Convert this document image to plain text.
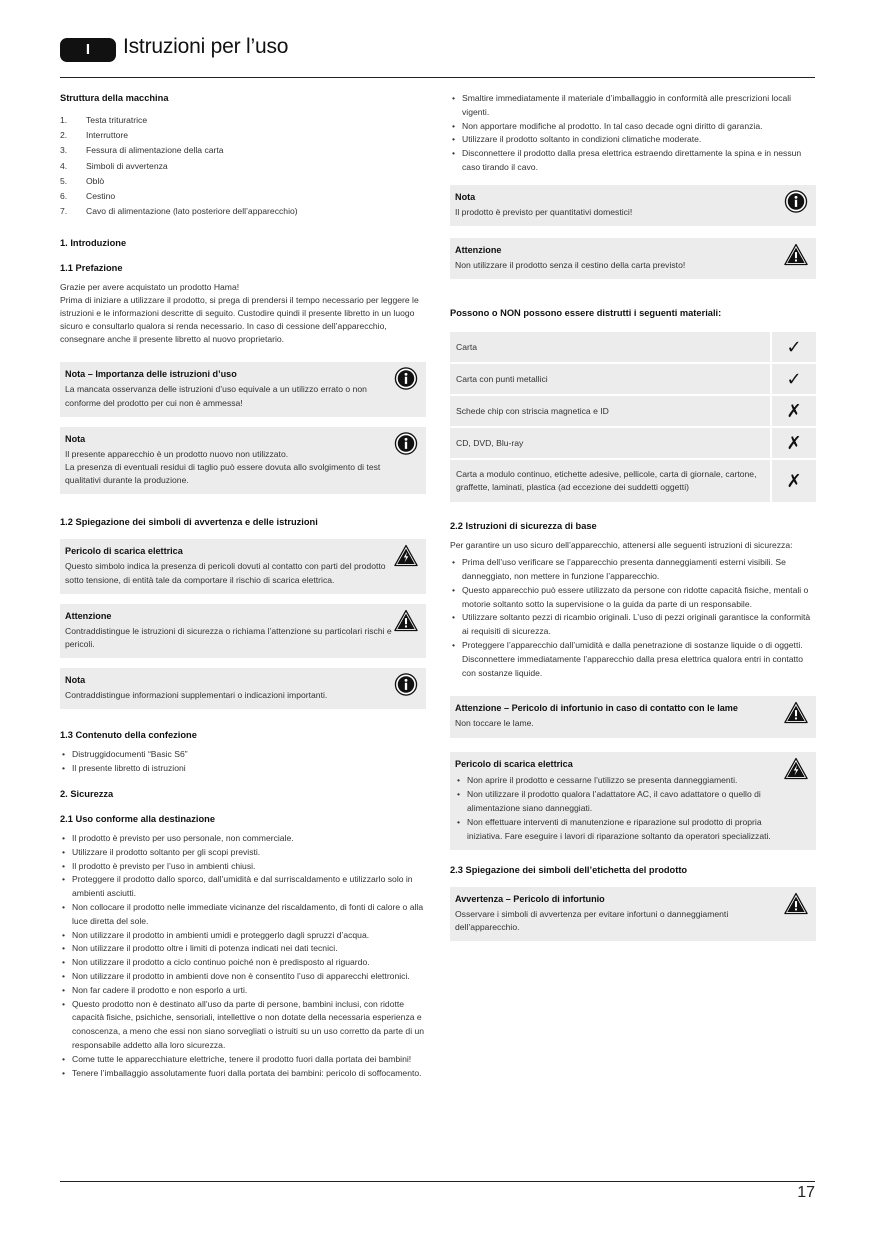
I	Istruzioni per l’uso
Struttura della macchina
1. Testa trituratrice
2. Interruttore
3. Fessura di alimentazione della carta
4. Simboli di avvertenza
5. Oblò
6. Cestino
7. Cavo di alimentazione (lato posteriore dell’apparecchio)
1. Introduzione
1.1 Prefazione
Grazie per avere acquistato un prodotto Hama!
Prima di iniziare a utilizzare il prodotto, si prega di prendersi il tempo necessario per leggere le istruzioni e le informazioni descritte di seguito. Custodire quindi il presente libretto in un luogo sicuro e consultarlo qualora si renda necessario. In caso di cessione dell’apparecchio, consegnare anche il presente libretto al nuovo proprietario.
Nota – Importanza delle istruzioni d’uso
La mancata osservanza delle istruzioni d’uso equivale a un utilizzo errato o non conforme del prodotto per cui non è ammessa!
Nota
Il presente apparecchio è un prodotto nuovo non utilizzato.
La presenza di eventuali residui di taglio può essere dovuta allo svolgimento di test qualitativi durante la produzione.
1.2 Spiegazione dei simboli di avvertenza e delle istruzioni
Pericolo di scarica elettrica
Questo simbolo indica la presenza di pericoli dovuti al contatto con parti del prodotto sotto tensione, di entità tale da comportare il rischio di scarica elettrica.
Attenzione
Contraddistingue le istruzioni di sicurezza o richiama l’attenzione su particolari rischi e pericoli.
Nota
Contraddistingue informazioni supplementari o indicazioni importanti.
1.3 Contenuto della confezione
• Distruggidocumenti “Basic S6”
• Il presente libretto di istruzioni
2. Sicurezza
2.1 Uso conforme alla destinazione
• Il prodotto è previsto per uso personale, non commerciale.
• Utilizzare il prodotto soltanto per gli scopi previsti.
• Il prodotto è previsto per l’uso in ambienti chiusi.
• Proteggere il prodotto dallo sporco, dall’umidità e dal surriscaldamento e utilizzarlo solo in ambienti asciutti.
• Non collocare il prodotto nelle immediate vicinanze del riscaldamento, di fonti di calore o alla luce diretta del sole.
• Non utilizzare il prodotto in ambienti umidi e proteggerlo dagli spruzzi d’acqua.
• Non utilizzare il prodotto oltre i limiti di potenza indicati nei dati tecnici.
• Non utilizzare il prodotto a ciclo continuo poiché non è predisposto al riguardo.
• Non utilizzare il prodotto in ambienti dove non è consentito l’uso di apparecchi elettronici.
• Non far cadere il prodotto e non esporlo a urti.
• Questo prodotto non è destinato all’uso da parte di persone, bambini inclusi, con ridotte capacità fisiche, psichiche, sensoriali, intellettive o non dotate della necessaria esperienza e conoscenza, a meno che essi non siano sorvegliati o istruiti su un uso corretto da parte di un responsabile addetto alla loro sicurezza.
• Come tutte le apparecchiature elettriche, tenere il prodotto fuori dalla portata dei bambini!
• Tenere l’imballaggio assolutamente fuori dalla portata dei bambini: pericolo di soffocamento.
• Smaltire immediatamente il materiale d’imballaggio in conformità alle prescrizioni locali vigenti.
• Non apportare modifiche al prodotto. In tal caso decade ogni diritto di garanzia.
• Utilizzare il prodotto soltanto in condizioni climatiche moderate.
• Disconnettere il prodotto dalla presa elettrica estraendo direttamente la spina e in nessun caso tirando il cavo.
Nota
Il prodotto è previsto per quantitativi domestici!
Attenzione
Non utilizzare il prodotto senza il cestino della carta previsto!
Possono o NON possono essere distrutti i seguenti materiali:
Carta	✓
Carta con punti metallici	✓
Schede chip con striscia magnetica e ID	✗
CD, DVD, Blu-ray	✗
Carta a modulo continuo, etichette adesive, pellicole, carta di giornale, cartone, graffette, laminati, plastica (ad eccezione dei suddetti oggetti)	✗
2.2 Istruzioni di sicurezza di base
Per garantire un uso sicuro dell’apparecchio, attenersi alle seguenti istruzioni di sicurezza:
• Prima dell’uso verificare se l’apparecchio presenta danneggiamenti esterni visibili. Se danneggiato, non mettere in funzione l’apparecchio.
• Questo apparecchio può essere utilizzato da persone con ridotte capacità fisiche, mentali o motorie soltanto sotto la supervisione o la guida da parte di un responsabile.
• Utilizzare soltanto pezzi di ricambio originali. L’uso di pezzi originali garantisce la conformità ai requisiti di sicurezza.
• Proteggere l’apparecchio dall’umidità e dalla penetrazione di sostanze liquide o di oggetti. Disconnettere immediatamente l’apparecchio dalla presa elettrica qualora entri in contatto con sostanze liquide.
Attenzione – Pericolo di infortunio in caso di contatto con le lame
Non toccare le lame.
Pericolo di scarica elettrica
• Non aprire il prodotto e cessarne l’utilizzo se presenta danneggiamenti.
• Non utilizzare il prodotto qualora l’adattatore AC, il cavo adattatore o quello di alimentazione siano danneggiati.
• Non effettuare interventi di manutenzione e riparazione sul prodotto di propria iniziativa. Fare eseguire i lavori di riparazione soltanto da operatori specializzati.
2.3 Spiegazione dei simboli dell’etichetta del prodotto
Avvertenza – Pericolo di infortunio
Osservare i simboli di avvertenza per evitare infortuni o danneggiamenti dell’apparecchio.
17
